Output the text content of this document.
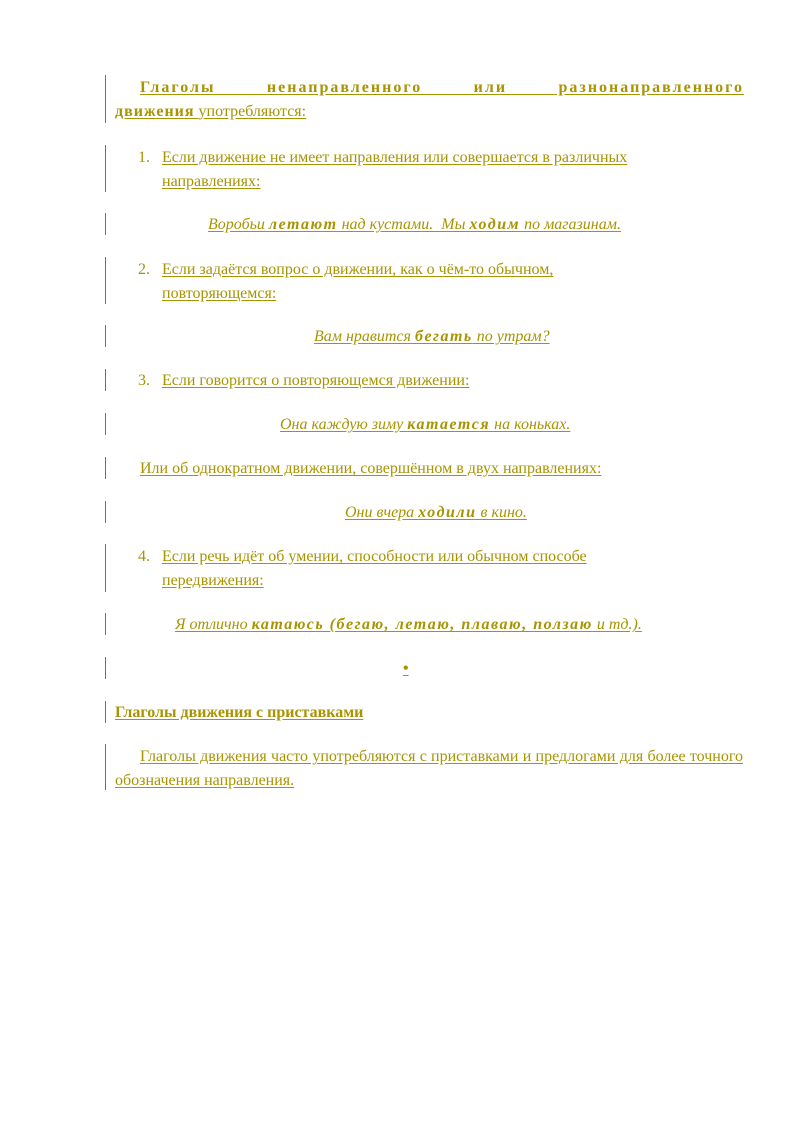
Глаголы ненаправленного или разнонаправленного
движения употребляются:
1. Если движение не имеет направления или совершается в различных
направлениях:
Воробьи летают над кустами.  Мы ходим по магазинам.
2. Если задаётся вопрос о движении, как о чём-то обычном,
повторяющемся:
Вам нравится бегать по утрам?
3. Если говорится о повторяющемся движении:
Она каждую зиму катается на коньках.
Или об однократном движении, совершённом в двух направлениях:
Они вчера ходили в кино.
4. Если речь идёт об умении, способности или обычном способе
передвижения:
Я отлично катаюсь (бегаю, летаю, плаваю, ползаю и тд.).
•
Глаголы движения с приставками
Глаголы движения часто употребляются с приставками и предлогами для более точного обозначения направления.
